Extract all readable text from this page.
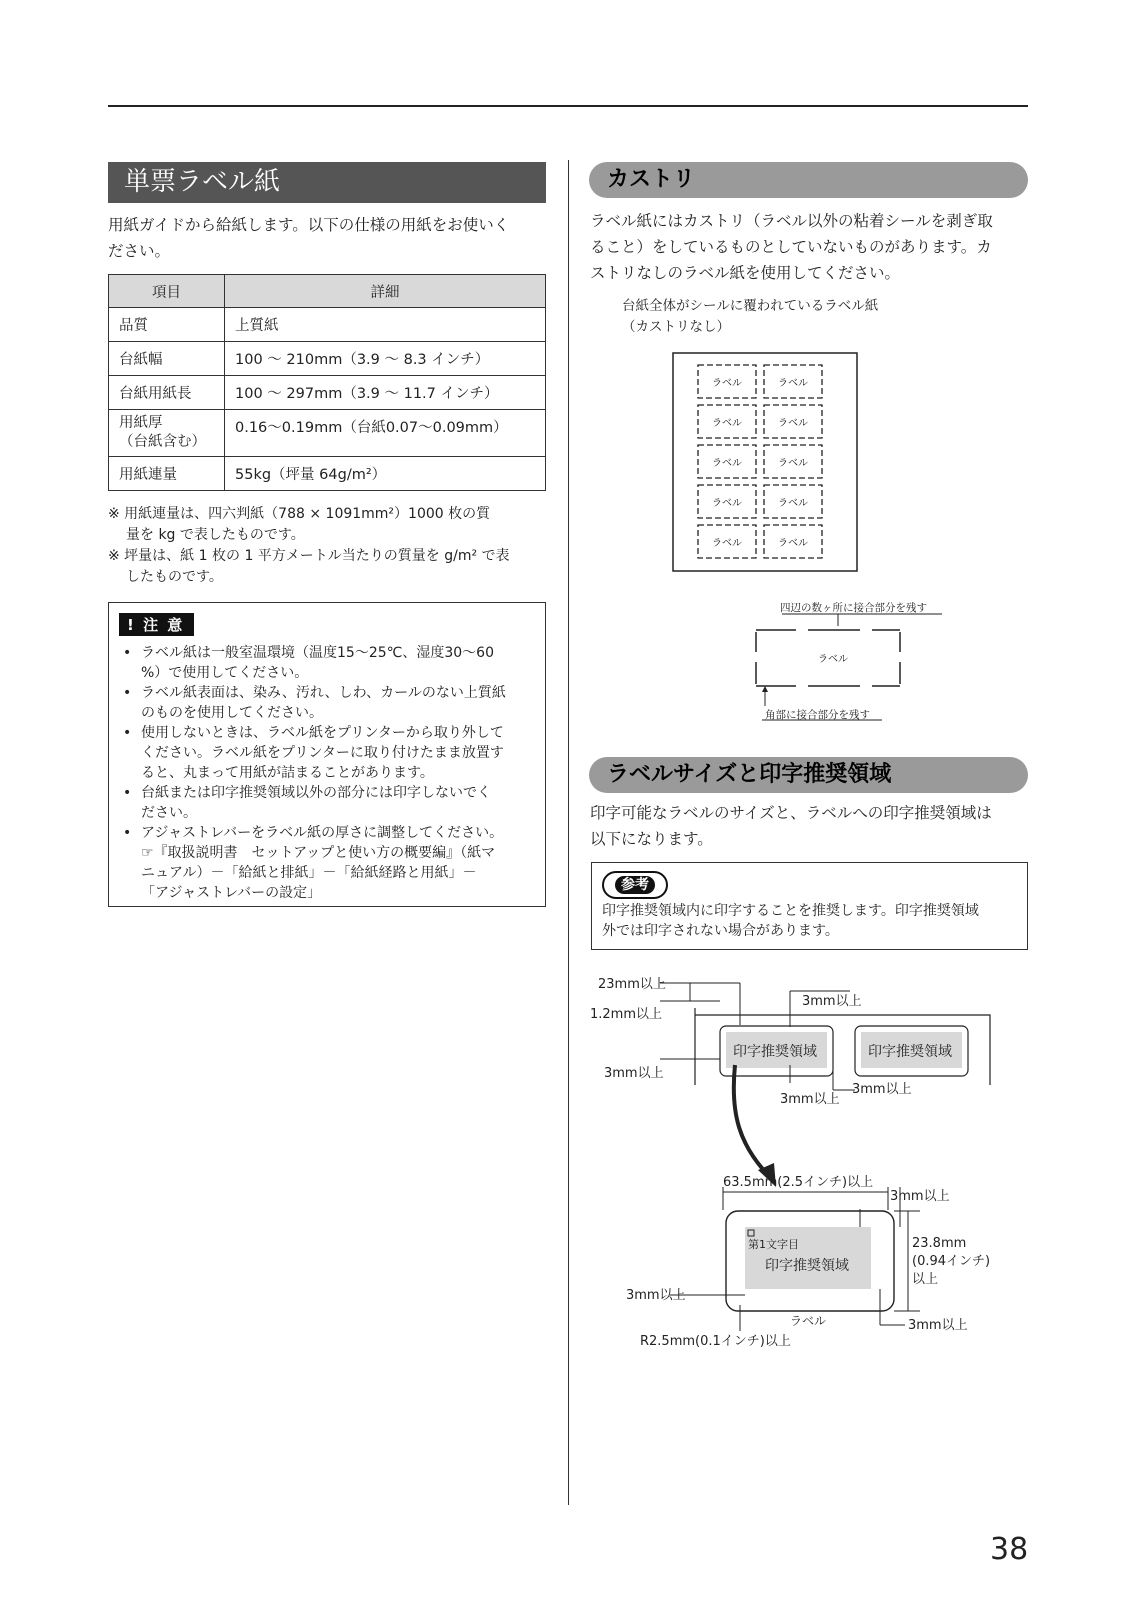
単票ラベル紙
用紙ガイドから給紙します。以下の仕様の用紙をお使いく
ださい。
項目	詳細
品質	上質紙
台紙幅	100 ～ 210mm（3.9 ～ 8.3 インチ）
台紙用紙長	100 ～ 297mm（3.9 ～ 11.7 インチ）

用紙厚
（台紙含む）	0.16～0.19mm（台紙0.07～0.09mm）
用紙連量	55kg（坪量 64g/m²）
※ 用紙連量は、四六判紙（788 × 1091mm²）1000 枚の質
量を kg で表したものです。
※ 坪量は、紙 1 枚の 1 平方メートル当たりの質量を g/m² で表
したものです。
! 注 意
• ラベル紙は一般室温環境（温度15～25℃、湿度30～60
%）で使用してください。
• ラベル紙表面は、染み、汚れ、しわ、カールのない上質紙
のものを使用してください。
• 使用しないときは、ラベル紙をプリンターから取り外して
ください。ラベル紙をプリンターに取り付けたまま放置す
ると、丸まって用紙が詰まることがあります。
• 台紙または印字推奨領域以外の部分には印字しないでく
ださい。
• アジャストレバーをラベル紙の厚さに調整してください。
☞『取扱説明書　セットアップと使い方の概要編』（紙マ
ニュアル）－「給紙と排紙」－「給紙経路と用紙」－
「アジャストレバーの設定」
カストリ
ラベル紙にはカストリ（ラベル以外の粘着シールを剥ぎ取
ること）をしているものとしていないものがあります。カ
ストリなしのラベル紙を使用してください。
台紙全体がシールに覆われているラベル紙
（カストリなし）
ラベル	ラベル
ラベル	ラベル
ラベル	ラベル
ラベル	ラベル
ラベル	ラベル
四辺の数ヶ所に接合部分を残す
角部に接合部分を残す
ラベル
ラベルサイズと印字推奨領域
印字可能なラベルのサイズと、ラベルへの印字推奨領域は
以下になります。
参考
印字推奨領域内に印字することを推奨します。印字推奨領域
外では印字されない場合があります。
印字推奨領域	印字推奨領域
23mm以上
1.2mm以上
3mm以上
3mm以上
3mm以上
3mm以上
63.5mm(2.5インチ)以上
3mm以上
第1文字目
印字推奨領域
23.8mm
(0.94インチ)
以上
3mm以上
3mm以上
ラベル
R2.5mm(0.1インチ)以上
38
